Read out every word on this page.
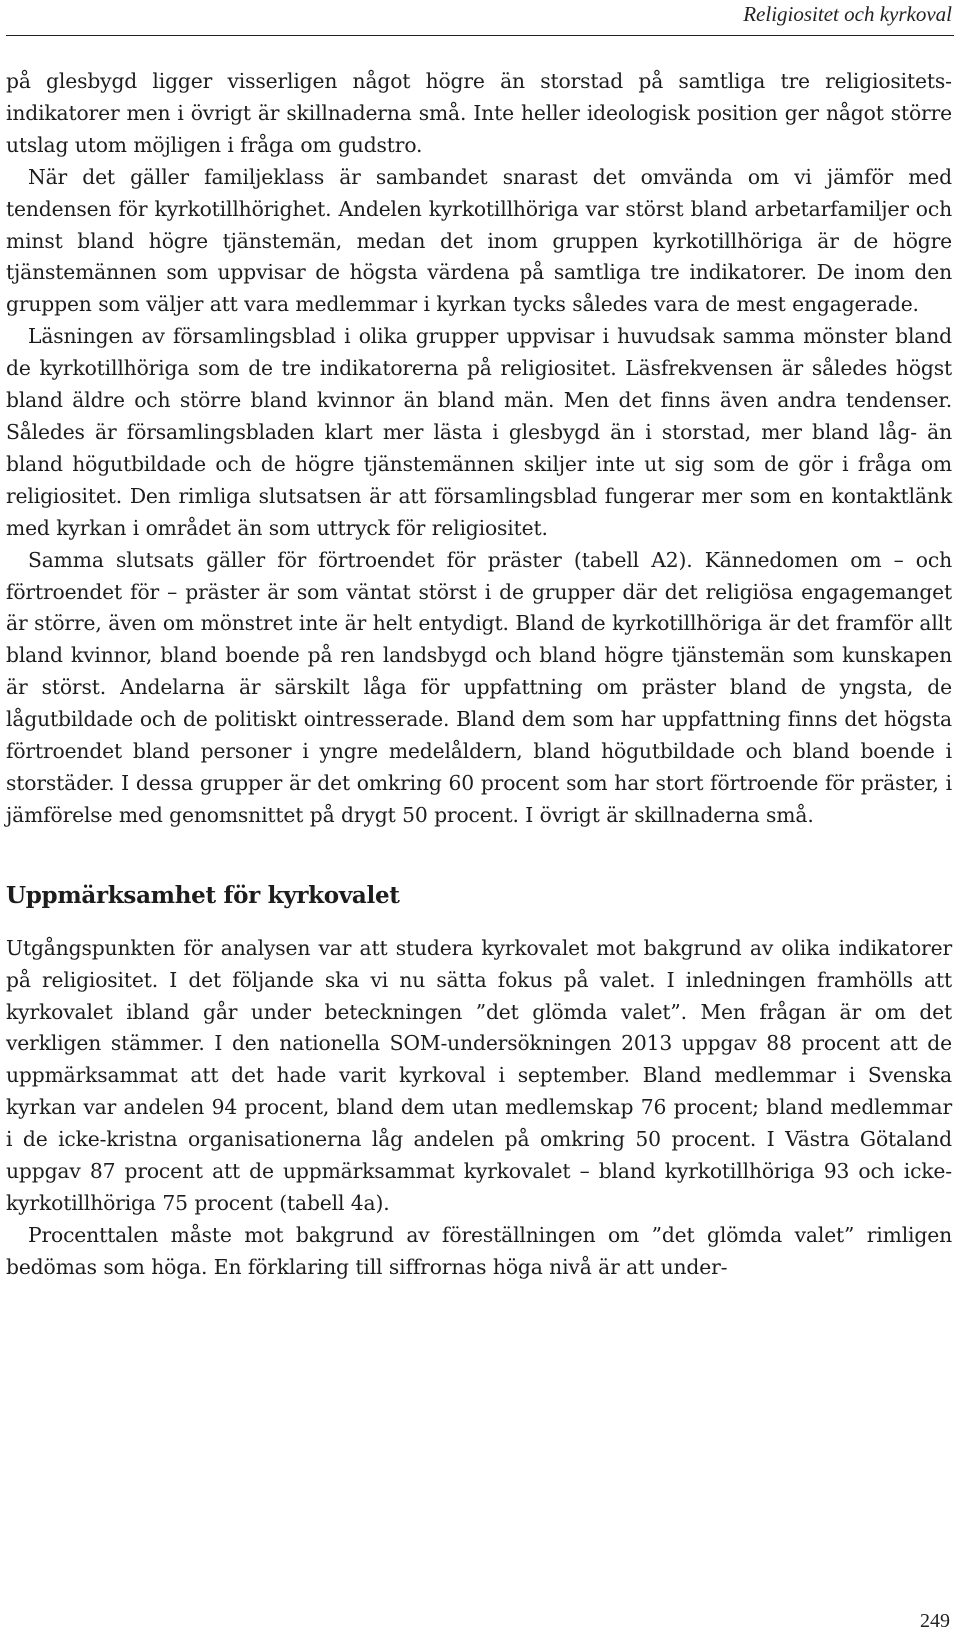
Religiositet och kyrkoval

på glesbygd ligger visserligen något högre än storstad på samtliga tre religiositetsindikatorer men i övrigt är skillnaderna små. Inte heller ideologisk position ger något större utslag utom möjligen i fråga om gudstro.

När det gäller familjeklass är sambandet snarast det omvända om vi jämför med tendensen för kyrkotillhörighet. Andelen kyrkotillhöriga var störst bland arbetarfamiljer och minst bland högre tjänstemän, medan det inom gruppen kyrkotillhöriga är de högre tjänstemännen som uppvisar de högsta värdena på samtliga tre indikatorer. De inom den gruppen som väljer att vara medlemmar i kyrkan tycks således vara de mest engagerade.

Läsningen av församlingsblad i olika grupper uppvisar i huvudsak samma mönster bland de kyrkotillhöriga som de tre indikatorerna på religiositet. Läsfrekvensen är således högst bland äldre och större bland kvinnor än bland män. Men det finns även andra tendenser. Således är församlingsbladen klart mer lästa i glesbygd än i storstad, mer bland låg- än bland högutbildade och de högre tjänstemännen skiljer inte ut sig som de gör i fråga om religiositet. Den rimliga slutsatsen är att församlingsblad fungerar mer som en kontaktlänk med kyrkan i området än som uttryck för religiositet.

Samma slutsats gäller för förtroendet för präster (tabell A2). Kännedomen om – och förtroendet för – präster är som väntat störst i de grupper där det religiösa engagemanget är större, även om mönstret inte är helt entydigt. Bland de kyrkotillhöriga är det framför allt bland kvinnor, bland boende på ren landsbygd och bland högre tjänstemän som kunskapen är störst. Andelarna är särskilt låga för uppfattning om präster bland de yngsta, de lågutbildade och de politiskt ointresserade. Bland dem som har uppfattning finns det högsta förtroendet bland personer i yngre medelåldern, bland högutbildade och bland boende i storstäder. I dessa grupper är det omkring 60 procent som har stort förtroende för präster, i jämförelse med genomsnittet på drygt 50 procent. I övrigt är skillnaderna små.

Uppmärksamhet för kyrkovalet

Utgångspunkten för analysen var att studera kyrkovalet mot bakgrund av olika indikatorer på religiositet. I det följande ska vi nu sätta fokus på valet. I inledningen framhölls att kyrkovalet ibland går under beteckningen ”det glömda valet”. Men frågan är om det verkligen stämmer. I den nationella SOM-undersökningen 2013 uppgav 88 procent att de uppmärksammat att det hade varit kyrkoval i september. Bland medlemmar i Svenska kyrkan var andelen 94 procent, bland dem utan medlemskap 76 procent; bland medlemmar i de icke-kristna organisationerna låg andelen på omkring 50 procent. I Västra Götaland uppgav 87 procent att de uppmärksammat kyrkovalet – bland kyrkotillhöriga 93 och icke-kyrkotillhöriga 75 procent (tabell 4a).

Procenttalen måste mot bakgrund av föreställningen om ”det glömda valet” rimligen bedömas som höga. En förklaring till siffrornas höga nivå är att under-

249
